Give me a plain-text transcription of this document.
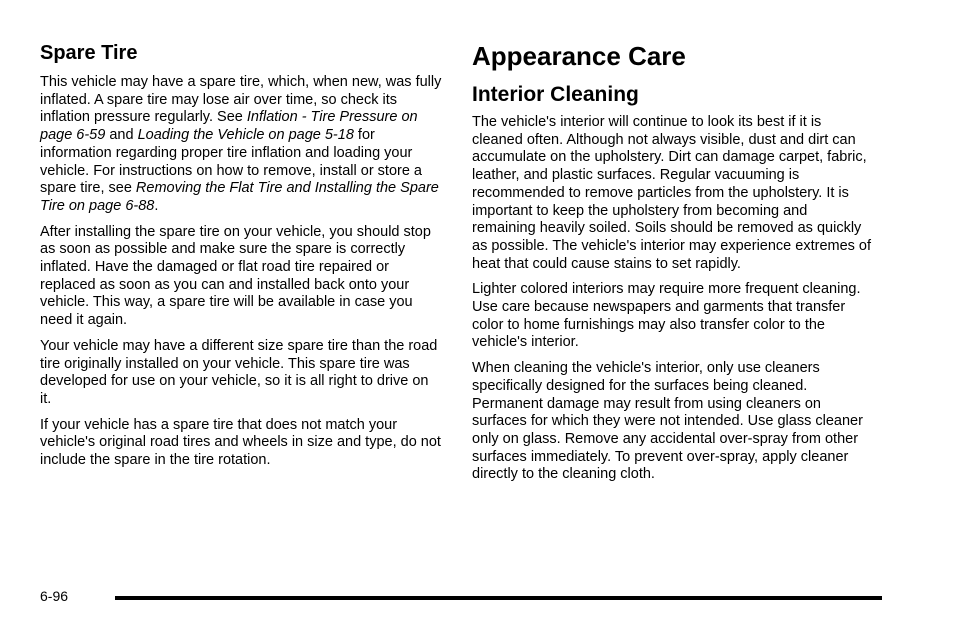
Spare Tire

This vehicle may have a spare tire, which, when new, was fully inflated. A spare tire may lose air over time, so check its inflation pressure regularly. See Inflation - Tire Pressure on page 6-59 and Loading the Vehicle on page 5-18 for information regarding proper tire inflation and loading your vehicle. For instructions on how to remove, install or store a spare tire, see Removing the Flat Tire and Installing the Spare Tire on page 6-88.

After installing the spare tire on your vehicle, you should stop as soon as possible and make sure the spare is correctly inflated. Have the damaged or flat road tire repaired or replaced as soon as you can and installed back onto your vehicle. This way, a spare tire will be available in case you need it again.

Your vehicle may have a different size spare tire than the road tire originally installed on your vehicle. This spare tire was developed for use on your vehicle, so it is all right to drive on it.

If your vehicle has a spare tire that does not match your vehicle's original road tires and wheels in size and type, do not include the spare in the tire rotation.

Appearance Care
Interior Cleaning

The vehicle's interior will continue to look its best if it is cleaned often. Although not always visible, dust and dirt can accumulate on the upholstery. Dirt can damage carpet, fabric, leather, and plastic surfaces. Regular vacuuming is recommended to remove particles from the upholstery. It is important to keep the upholstery from becoming and remaining heavily soiled. Soils should be removed as quickly as possible. The vehicle's interior may experience extremes of heat that could cause stains to set rapidly.

Lighter colored interiors may require more frequent cleaning. Use care because newspapers and garments that transfer color to home furnishings may also transfer color to the vehicle's interior.

When cleaning the vehicle's interior, only use cleaners specifically designed for the surfaces being cleaned. Permanent damage may result from using cleaners on surfaces for which they were not intended. Use glass cleaner only on glass. Remove any accidental over-spray from other surfaces immediately. To prevent over-spray, apply cleaner directly to the cleaning cloth.

6-96
